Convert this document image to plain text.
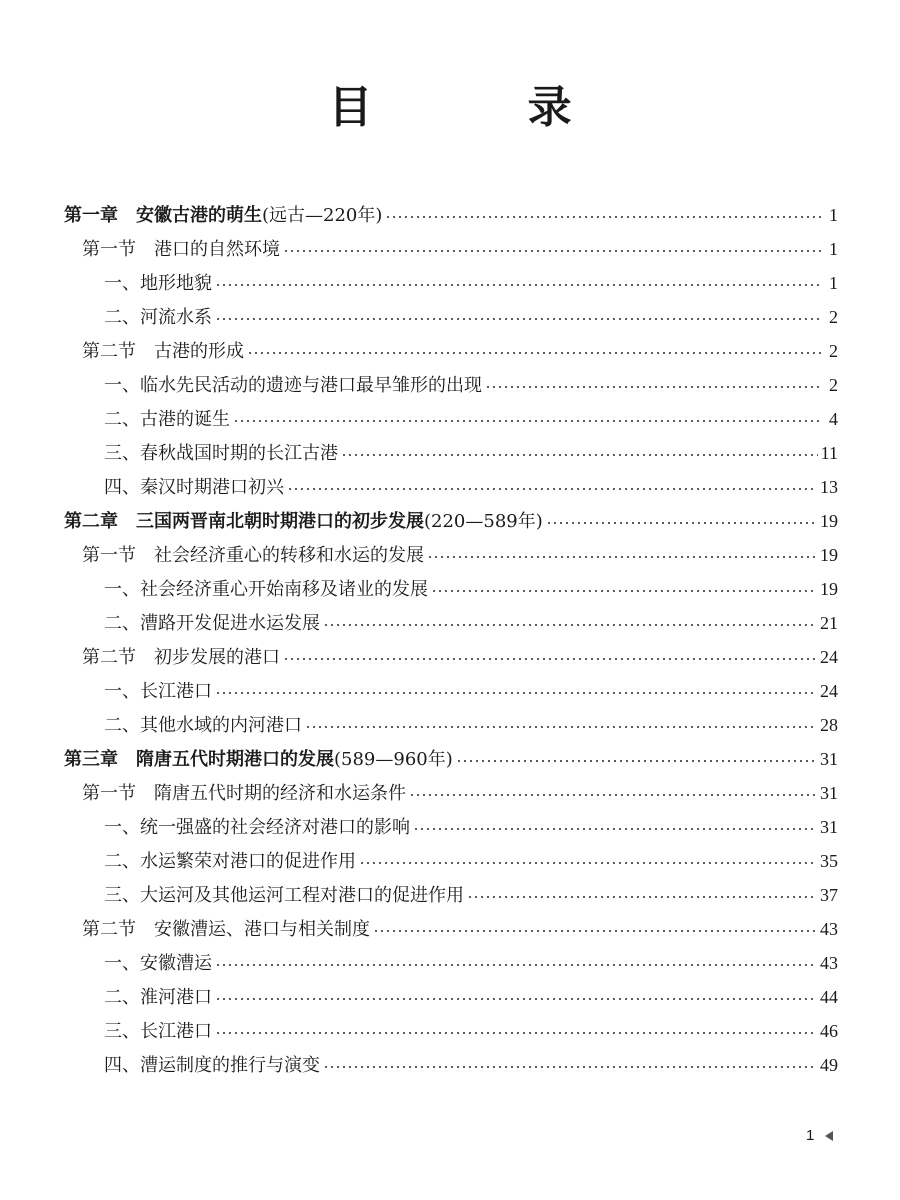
目 录
第一章 安徽古港的萌生(远古—220年)	1
第一节 港口的自然环境	1
一、地形地貌	1
二、河流水系	2
第二节 古港的形成	2
一、临水先民活动的遗迹与港口最早雏形的出现	2
二、古港的诞生	4
三、春秋战国时期的长江古港	11
四、秦汉时期港口初兴	13
第二章 三国两晋南北朝时期港口的初步发展(220—589年)	19
第一节 社会经济重心的转移和水运的发展	19
一、社会经济重心开始南移及诸业的发展	19
二、漕路开发促进水运发展	21
第二节 初步发展的港口	24
一、长江港口	24
二、其他水域的内河港口	28
第三章 隋唐五代时期港口的发展(589—960年)	31
第一节 隋唐五代时期的经济和水运条件	31
一、统一强盛的社会经济对港口的影响	31
二、水运繁荣对港口的促进作用	35
三、大运河及其他运河工程对港口的促进作用	37
第二节 安徽漕运、港口与相关制度	43
一、安徽漕运	43
二、淮河港口	44
三、长江港口	46
四、漕运制度的推行与演变	49
1
